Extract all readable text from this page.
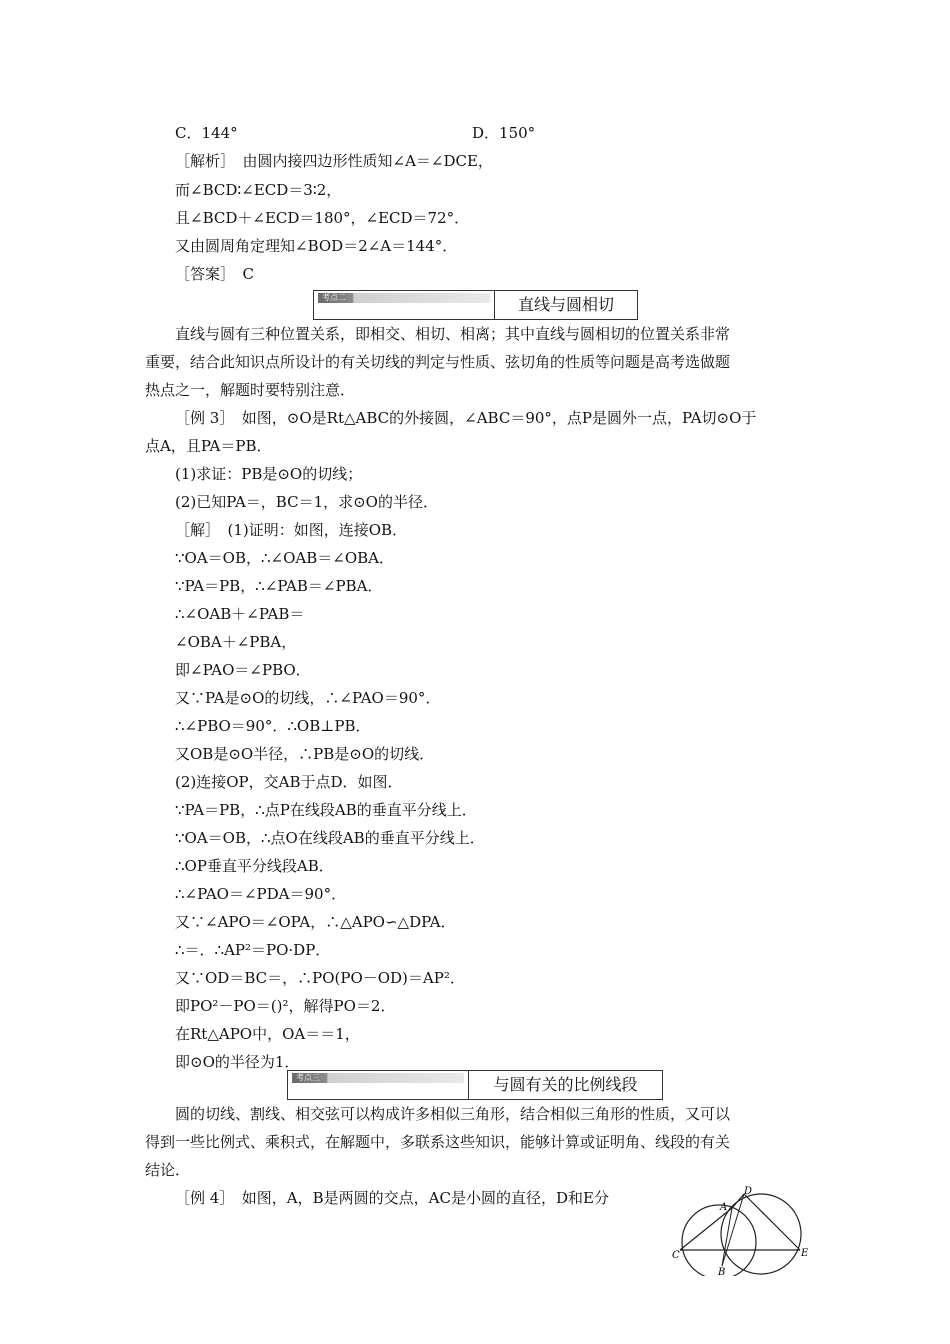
C．144°	D．150°
［解析］　由圆内接四边形性质知∠A＝∠DCE，
而∠BCD∶∠ECD＝3∶2，
且∠BCD＋∠ECD＝180°，∠ECD＝72°．
又由圆周角定理知∠BOD＝2∠A＝144°．
［答案］　C
考点二	直线与圆相切
直线与圆有三种位置关系，即相交、相切、相离；其中直线与圆相切的位置关系非常
重要，结合此知识点所设计的有关切线的判定与性质、弦切角的性质等问题是高考选做题
热点之一，解题时要特别注意．
［例 3］　如图，⊙O是Rt△ABC的外接圆，∠ABC＝90°，点P是圆外一点，PA切⊙O于
点A，且PA＝PB．
(1)求证：PB是⊙O的切线；
(2)已知PA＝，BC＝1，求⊙O的半径．
［解］　(1)证明：如图，连接OB．
∵OA＝OB，∴∠OAB＝∠OBA．
∵PA＝PB，∴∠PAB＝∠PBA．
∴∠OAB＋∠PAB＝
∠OBA＋∠PBA，
即∠PAO＝∠PBO．
又∵PA是⊙O的切线，∴∠PAO＝90°．
∴∠PBO＝90°．∴OB⊥PB．
又OB是⊙O半径，∴PB是⊙O的切线．
(2)连接OP，交AB于点D．如图．
∵PA＝PB，∴点P在线段AB的垂直平分线上．
∵OA＝OB，∴点O在线段AB的垂直平分线上．
∴OP垂直平分线段AB．
∴∠PAO＝∠PDA＝90°．
又∵∠APO＝∠OPA，∴△APO∽△DPA．
∴＝．∴AP²＝PO·DP．
又∵OD＝BC＝，∴PO(PO－OD)＝AP²．
即PO²－PO＝()²，解得PO＝2．
在Rt△APO中，OA＝＝1，
即⊙O的半径为1．
考点三	与圆有关的比例线段
圆的切线、割线、相交弦可以构成许多相似三角形，结合相似三角形的性质，又可以
得到一些比例式、乘积式，在解题中，多联系这些知识，能够计算或证明角、线段的有关
结论．
［例 4］　如图，A，B是两圆的交点，AC是小圆的直径，D和E分
A
B
C
D
E
